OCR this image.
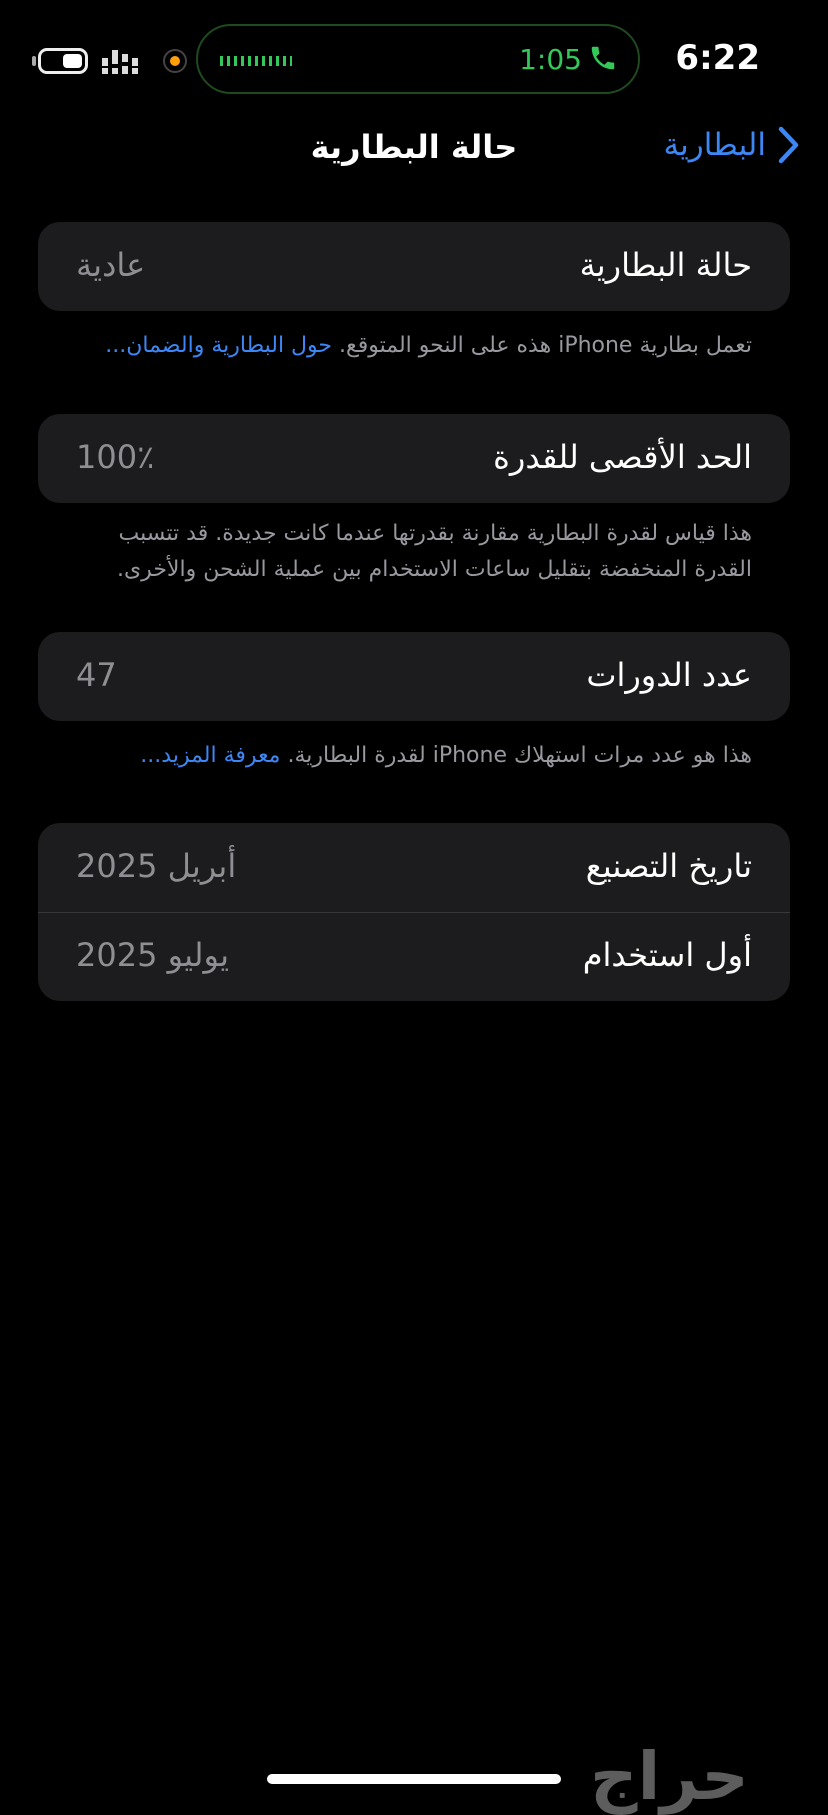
1:05	6:22
حالة البطارية	البطارية
حالة البطارية
عادية
تعمل بطارية iPhone هذه على النحو المتوقع. حول البطارية والضمان...
الحد الأقصى للقدرة
100٪
هذا قياس لقدرة البطارية مقارنة بقدرتها عندما كانت جديدة. قد تتسبب القدرة المنخفضة بتقليل ساعات الاستخدام بين عملية الشحن والأخرى.
عدد الدورات
47
هذا هو عدد مرات استهلاك iPhone لقدرة البطارية. معرفة المزيد...
تاريخ التصنيع
أبريل 2025
أول استخدام
يوليو 2025
حراج
